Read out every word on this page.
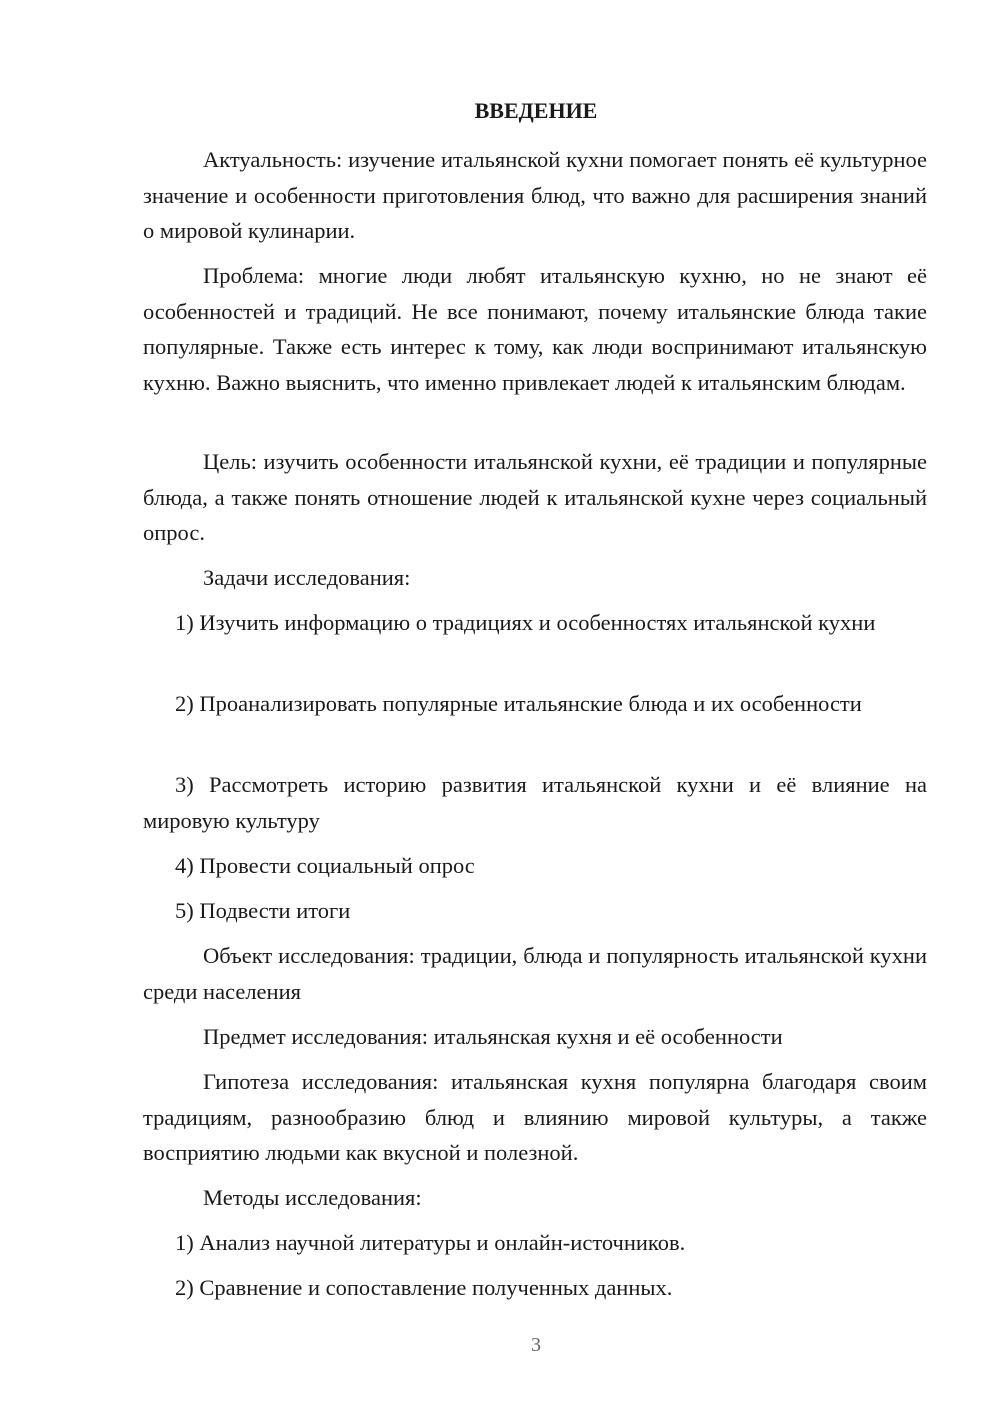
ВВЕДЕНИЕ

Актуальность: изучение итальянской кухни помогает понять её культурное значение и особенности приготовления блюд, что важно для расширения знаний о мировой кулинарии.

Проблема: многие люди любят итальянскую кухню, но не знают её особенностей и традиций. Не все понимают, почему итальянские блюда такие популярные. Также есть интерес к тому, как люди воспринимают итальянскую кухню. Важно выяснить, что именно привлекает людей к итальянским блюдам.

Цель: изучить особенности итальянской кухни, её традиции и популярные блюда, а также понять отношение людей к итальянской кухне через социальный опрос.

Задачи исследования:

1) Изучить информацию о традициях и особенностях итальянской кухни

2) Проанализировать популярные итальянские блюда и их особенности

3) Рассмотреть историю развития итальянской кухни и её влияние на мировую культуру

4) Провести социальный опрос

5) Подвести итоги

Объект исследования: традиции, блюда и популярность итальянской кухни среди населения

Предмет исследования: итальянская кухня и её особенности

Гипотеза исследования: итальянская кухня популярна благодаря своим традициям, разнообразию блюд и влиянию мировой культуры, а также восприятию людьми как вкусной и полезной.

Методы исследования:

1) Анализ научной литературы и онлайн-источников.

2) Сравнение и сопоставление полученных данных.

3
